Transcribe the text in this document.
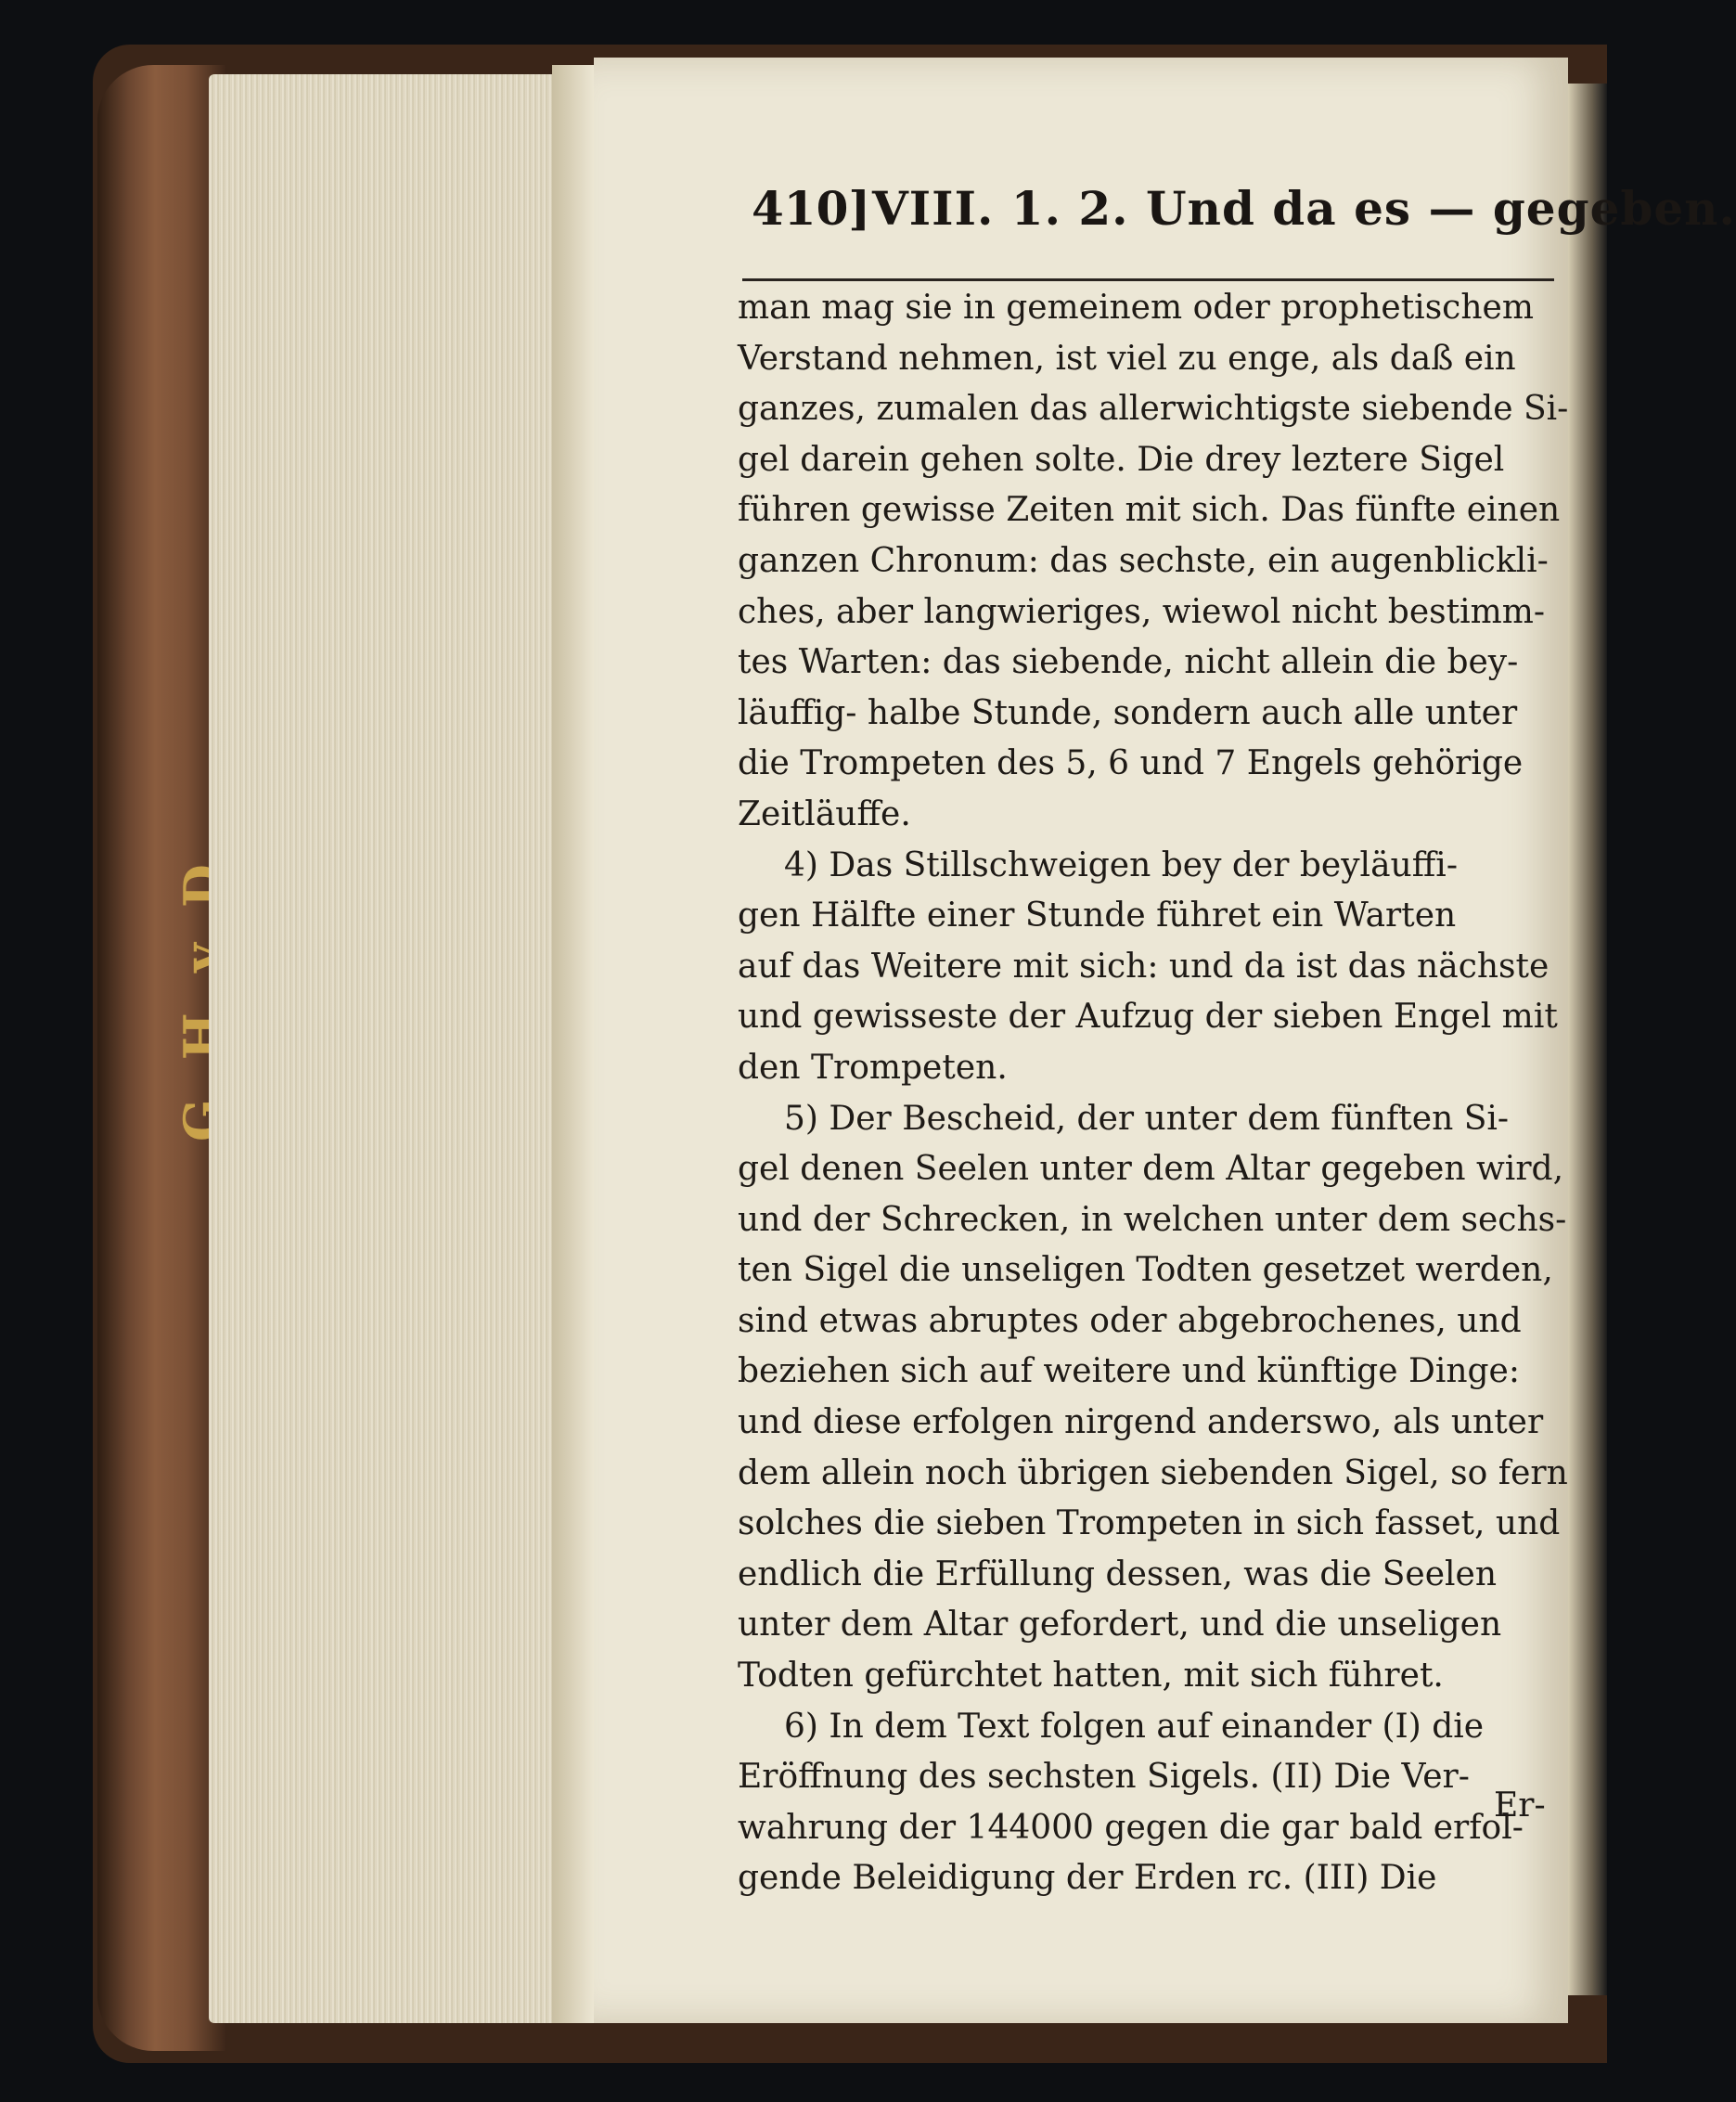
410] VIII. 1. 2. Und da es — gegeben.
man mag sie in gemeinem oder prophetischem
Verstand nehmen, ist viel zu enge, als daß ein
ganzes, zumalen das allerwichtigste siebende Si-
gel darein gehen solte. Die drey leztere Sigel
führen gewisse Zeiten mit sich. Das fünfte einen
ganzen Chronum: das sechste, ein augenblickli-
ches, aber langwieriges, wiewol nicht bestimm-
tes Warten: das siebende, nicht allein die bey-
läuffig- halbe Stunde, sondern auch alle unter
die Trompeten des 5, 6 und 7 Engels gehörige
Zeitläuffe.
4) Das Stillschweigen bey der beyläuffi-
gen Hälfte einer Stunde führet ein Warten
auf das Weitere mit sich: und da ist das nächste
und gewisseste der Aufzug der sieben Engel mit
den Trompeten.
5) Der Bescheid, der unter dem fünften Si-
gel denen Seelen unter dem Altar gegeben wird,
und der Schrecken, in welchen unter dem sechs-
ten Sigel die unseligen Todten gesetzet werden,
sind etwas abruptes oder abgebrochenes, und
beziehen sich auf weitere und künftige Dinge:
und diese erfolgen nirgend anderswo, als unter
dem allein noch übrigen siebenden Sigel, so fern
solches die sieben Trompeten in sich fasset, und
endlich die Erfüllung dessen, was die Seelen
unter dem Altar gefordert, und die unseligen
Todten gefürchtet hatten, mit sich führet.
6) In dem Text folgen auf einander (I) die
Eröffnung des sechsten Sigels. (II) Die Ver-
wahrung der 144000 gegen die gar bald erfol-
gende Beleidigung der Erden rc. (III) Die
Er-
